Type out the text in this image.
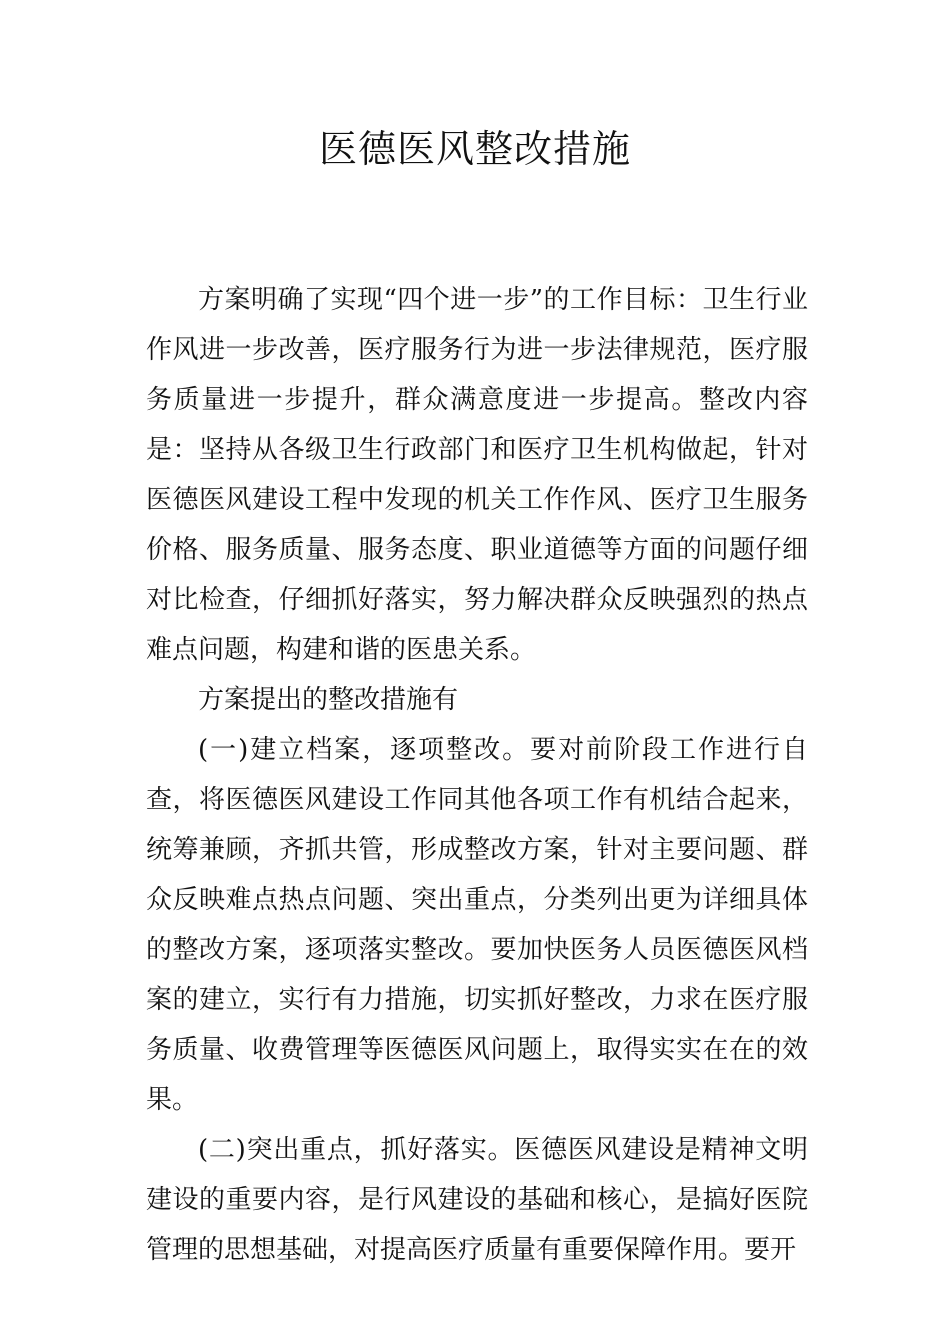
医德医风整改措施

方案明确了实现“四个进一步”的工作目标：卫生行业作风进一步改善，医疗服务行为进一步法律规范，医疗服务质量进一步提升，群众满意度进一步提高。整改内容是：坚持从各级卫生行政部门和医疗卫生机构做起，针对医德医风建设工程中发现的机关工作作风、医疗卫生服务价格、服务质量、服务态度、职业道德等方面的问题仔细对比检查，仔细抓好落实，努力解决群众反映强烈的热点难点问题，构建和谐的医患关系。

方案提出的整改措施有

(一)建立档案，逐项整改。要对前阶段工作进行自查，将医德医风建设工作同其他各项工作有机结合起来，统筹兼顾，齐抓共管，形成整改方案，针对主要问题、群众反映难点热点问题、突出重点，分类列出更为详细具体的整改方案，逐项落实整改。要加快医务人员医德医风档案的建立，实行有力措施，切实抓好整改，力求在医疗服务质量、收费管理等医德医风问题上，取得实实在在的效果。

(二)突出重点，抓好落实。医德医风建设是精神文明建设的重要内容，是行风建设的基础和核心，是搞好医院管理的思想基础，对提高医疗质量有重要保障作用。要开
